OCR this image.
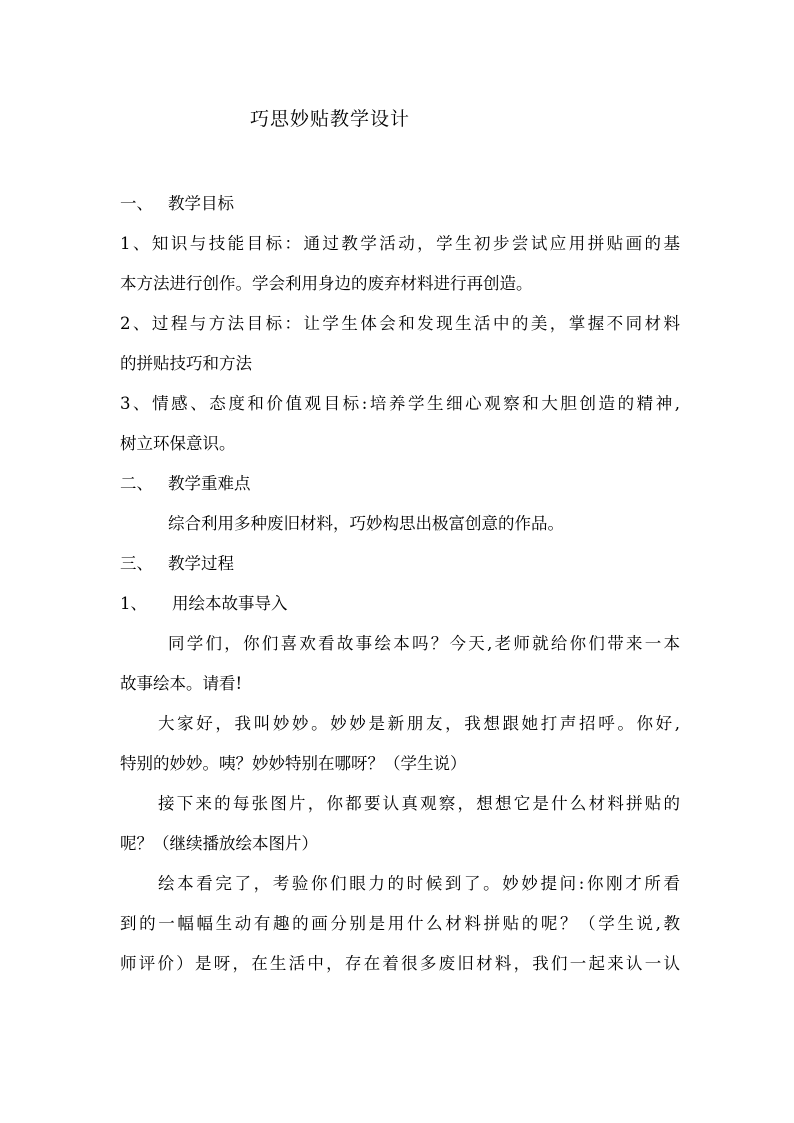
巧思妙贴教学设计
一、 教学目标
1、知识与技能目标：通过教学活动，学生初步尝试应用拼贴画的基
本方法进行创作。学会利用身边的废弃材料进行再创造。
2、过程与方法目标：让学生体会和发现生活中的美，掌握不同材料
的拼贴技巧和方法
3、情感、态度和价值观目标:培养学生细心观察和大胆创造的精神,
树立环保意识。
二、 教学重难点
综合利用多种废旧材料，巧妙构思出极富创意的作品。
三、 教学过程
1、 用绘本故事导入
同学们，你们喜欢看故事绘本吗？今天,老师就给你们带来一本
故事绘本。请看!
大家好，我叫妙妙。妙妙是新朋友，我想跟她打声招呼。你好,
特别的妙妙。咦？妙妙特别在哪呀？（学生说）
接下来的每张图片，你都要认真观察，想想它是什么材料拼贴的
呢？（继续播放绘本图片）
绘本看完了，考验你们眼力的时候到了。妙妙提问:你刚才所看
到的一幅幅生动有趣的画分别是用什么材料拼贴的呢？（学生说,教
师评价）是呀，在生活中，存在着很多废旧材料，我们一起来认一认
